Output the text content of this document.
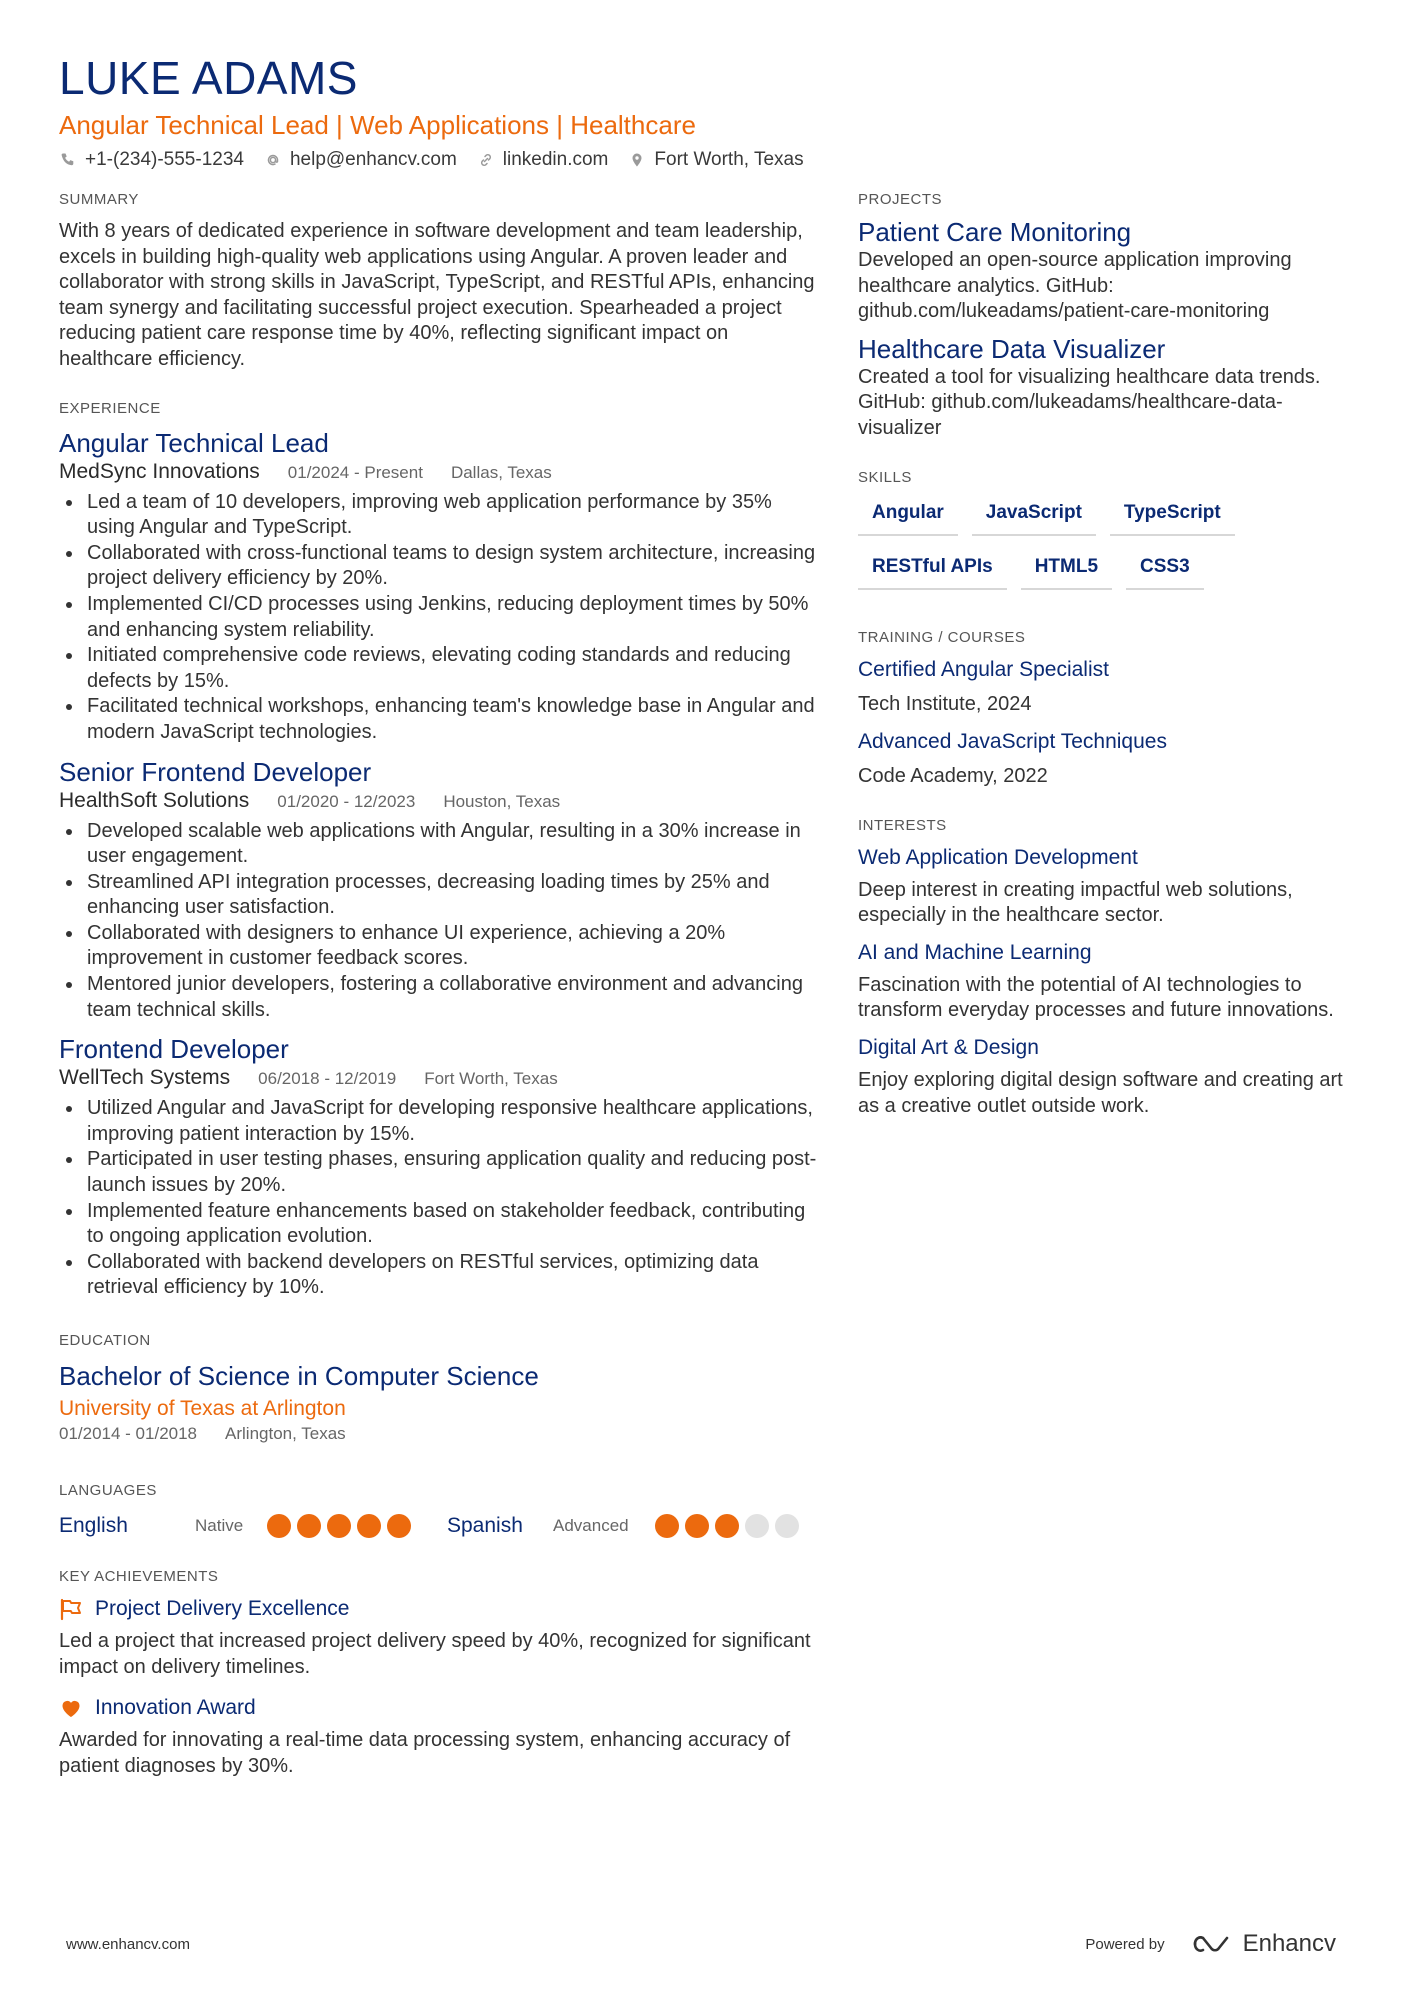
LUKE ADAMS
Angular Technical Lead | Web Applications | Healthcare
+1-(234)-555-1234 help@enhancv.com linkedin.com Fort Worth, Texas
SUMMARY

With 8 years of dedicated experience in software development and team leadership, excels in building high-quality web applications using Angular. A proven leader and collaborator with strong skills in JavaScript, TypeScript, and RESTful APIs, enhancing team synergy and facilitating successful project execution. Spearheaded a project reducing patient care response time by 40%, reflecting significant impact on healthcare efficiency.

EXPERIENCE
Angular Technical Lead
MedSync Innovations 01/2024 - Present Dallas, Texas
Led a team of 10 developers, improving web application performance by 35% using Angular and TypeScript.
Collaborated with cross-functional teams to design system architecture, increasing project delivery efficiency by 20%.
Implemented CI/CD processes using Jenkins, reducing deployment times by 50% and enhancing system reliability.
Initiated comprehensive code reviews, elevating coding standards and reducing defects by 15%.
Facilitated technical workshops, enhancing team's knowledge base in Angular and modern JavaScript technologies.
Senior Frontend Developer
HealthSoft Solutions 01/2020 - 12/2023 Houston, Texas
Developed scalable web applications with Angular, resulting in a 30% increase in user engagement.
Streamlined API integration processes, decreasing loading times by 25% and enhancing user satisfaction.
Collaborated with designers to enhance UI experience, achieving a 20% improvement in customer feedback scores.
Mentored junior developers, fostering a collaborative environment and advancing team technical skills.
Frontend Developer
WellTech Systems 06/2018 - 12/2019 Fort Worth, Texas
Utilized Angular and JavaScript for developing responsive healthcare applications, improving patient interaction by 15%.
Participated in user testing phases, ensuring application quality and reducing post-launch issues by 20%.
Implemented feature enhancements based on stakeholder feedback, contributing to ongoing application evolution.
Collaborated with backend developers on RESTful services, optimizing data retrieval efficiency by 10%.
EDUCATION
Bachelor of Science in Computer Science
University of Texas at Arlington
01/2014 - 01/2018 Arlington, Texas
LANGUAGES
English	Native	Spanish	Advanced
KEY ACHIEVEMENTS
Project Delivery Excellence

Led a project that increased project delivery speed by 40%, recognized for significant impact on delivery timelines.

Innovation Award

Awarded for innovating a real-time data processing system, enhancing accuracy of patient diagnoses by 30%.

PROJECTS
Patient Care Monitoring

Developed an open-source application improving healthcare analytics. GitHub: github.com/lukeadams/patient-care-monitoring

Healthcare Data Visualizer

Created a tool for visualizing healthcare data trends. GitHub: github.com/lukeadams/healthcare-data-visualizer

SKILLS
Angular	JavaScript	TypeScript
RESTful APIs	HTML5	CSS3
TRAINING / COURSES
Certified Angular Specialist
Tech Institute, 2024
Advanced JavaScript Techniques
Code Academy, 2022
INTERESTS
Web Application Development

Deep interest in creating impactful web solutions, especially in the healthcare sector.

AI and Machine Learning

Fascination with the potential of AI technologies to transform everyday processes and future innovations.

Digital Art & Design

Enjoy exploring digital design software and creating art as a creative outlet outside work.

www.enhancv.com	Powered by	Enhancv
